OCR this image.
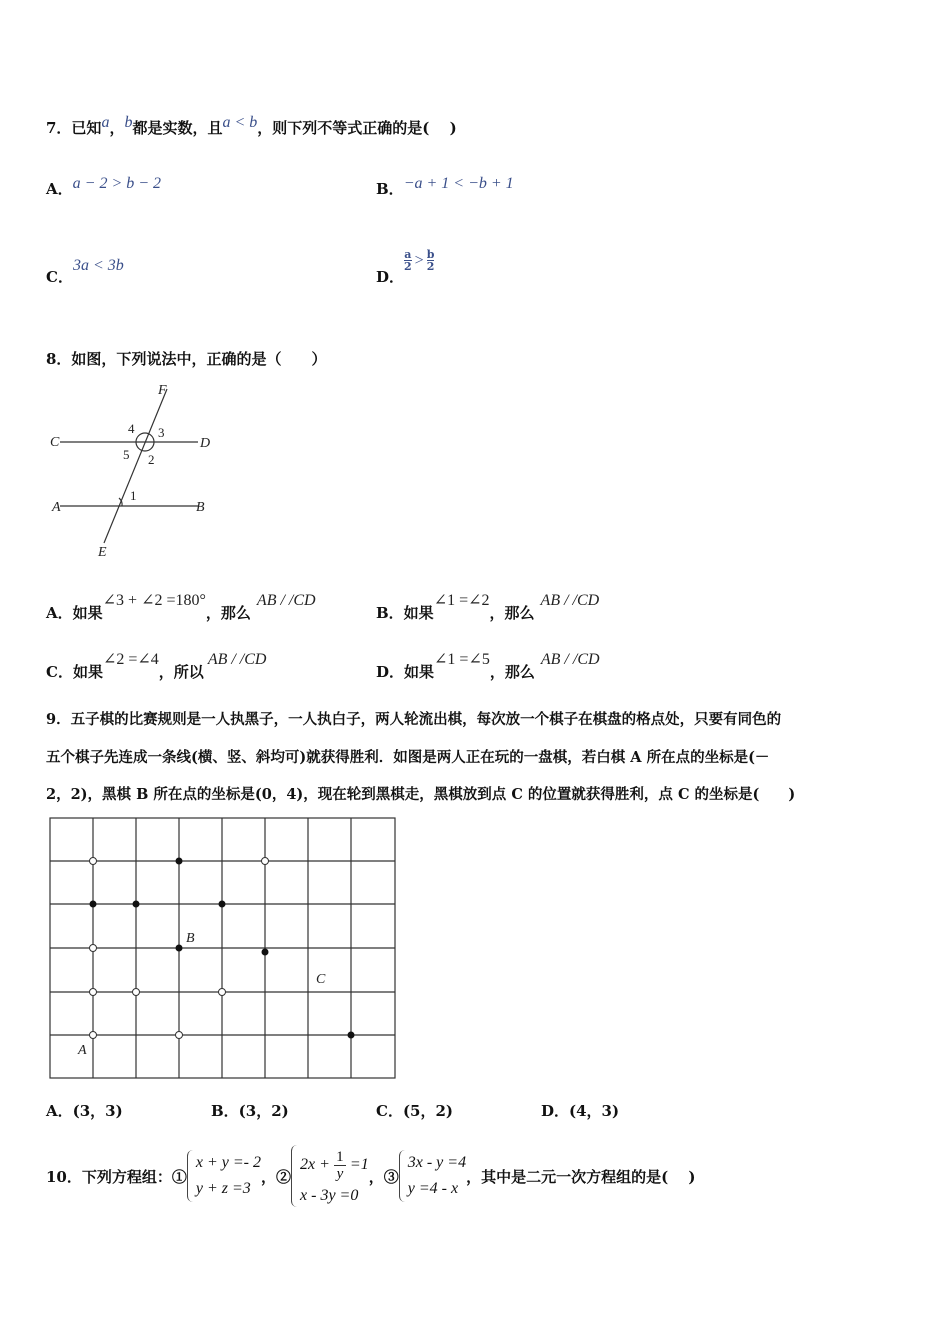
7．已知a，b都是实数，且a < b，则下列不等式正确的是(　 )
A．a − 2 > b − 2	B．−a + 1 < −b + 1
C．3a < 3b
D．
$\frac{a}{2} > \frac{b}{2}$
8．如图，下列说法中，正确的是（　　）
F
C	D
A	B
E
4 3
5 2
1
A．如果∠3 + ∠2 =180°，那么AB / /CD
B．如果∠1 =∠2，那么AB / /CD
C．如果∠2 =∠4，所以AB / /CD
D．如果∠1 =∠5，那么AB / /CD
9．五子棋的比赛规则是一人执黑子，一人执白子，两人轮流出棋，每次放一个棋子在棋盘的格点处，只要有同色的
五个棋子先连成一条线(横、竖、斜均可)就获得胜利．如图是两人正在玩的一盘棋，若白棋 A 所在点的坐标是(－
2，2)，黑棋 B 所在点的坐标是(0，4)，现在轮到黑棋走，黑棋放到点 C 的位置就获得胜利，点 C 的坐标是(　　)
A
B
C
A．(3，3)	B．(3，2)	C．(5，2)	D．(4，3)
10．下列方程组：①
x + y =- 2
y + z =3
，②
2x + 1
y
=1
x - 3y =0
，③
3x - y =4
y =4 - x
，其中是二元一次方程组的是(　 )
